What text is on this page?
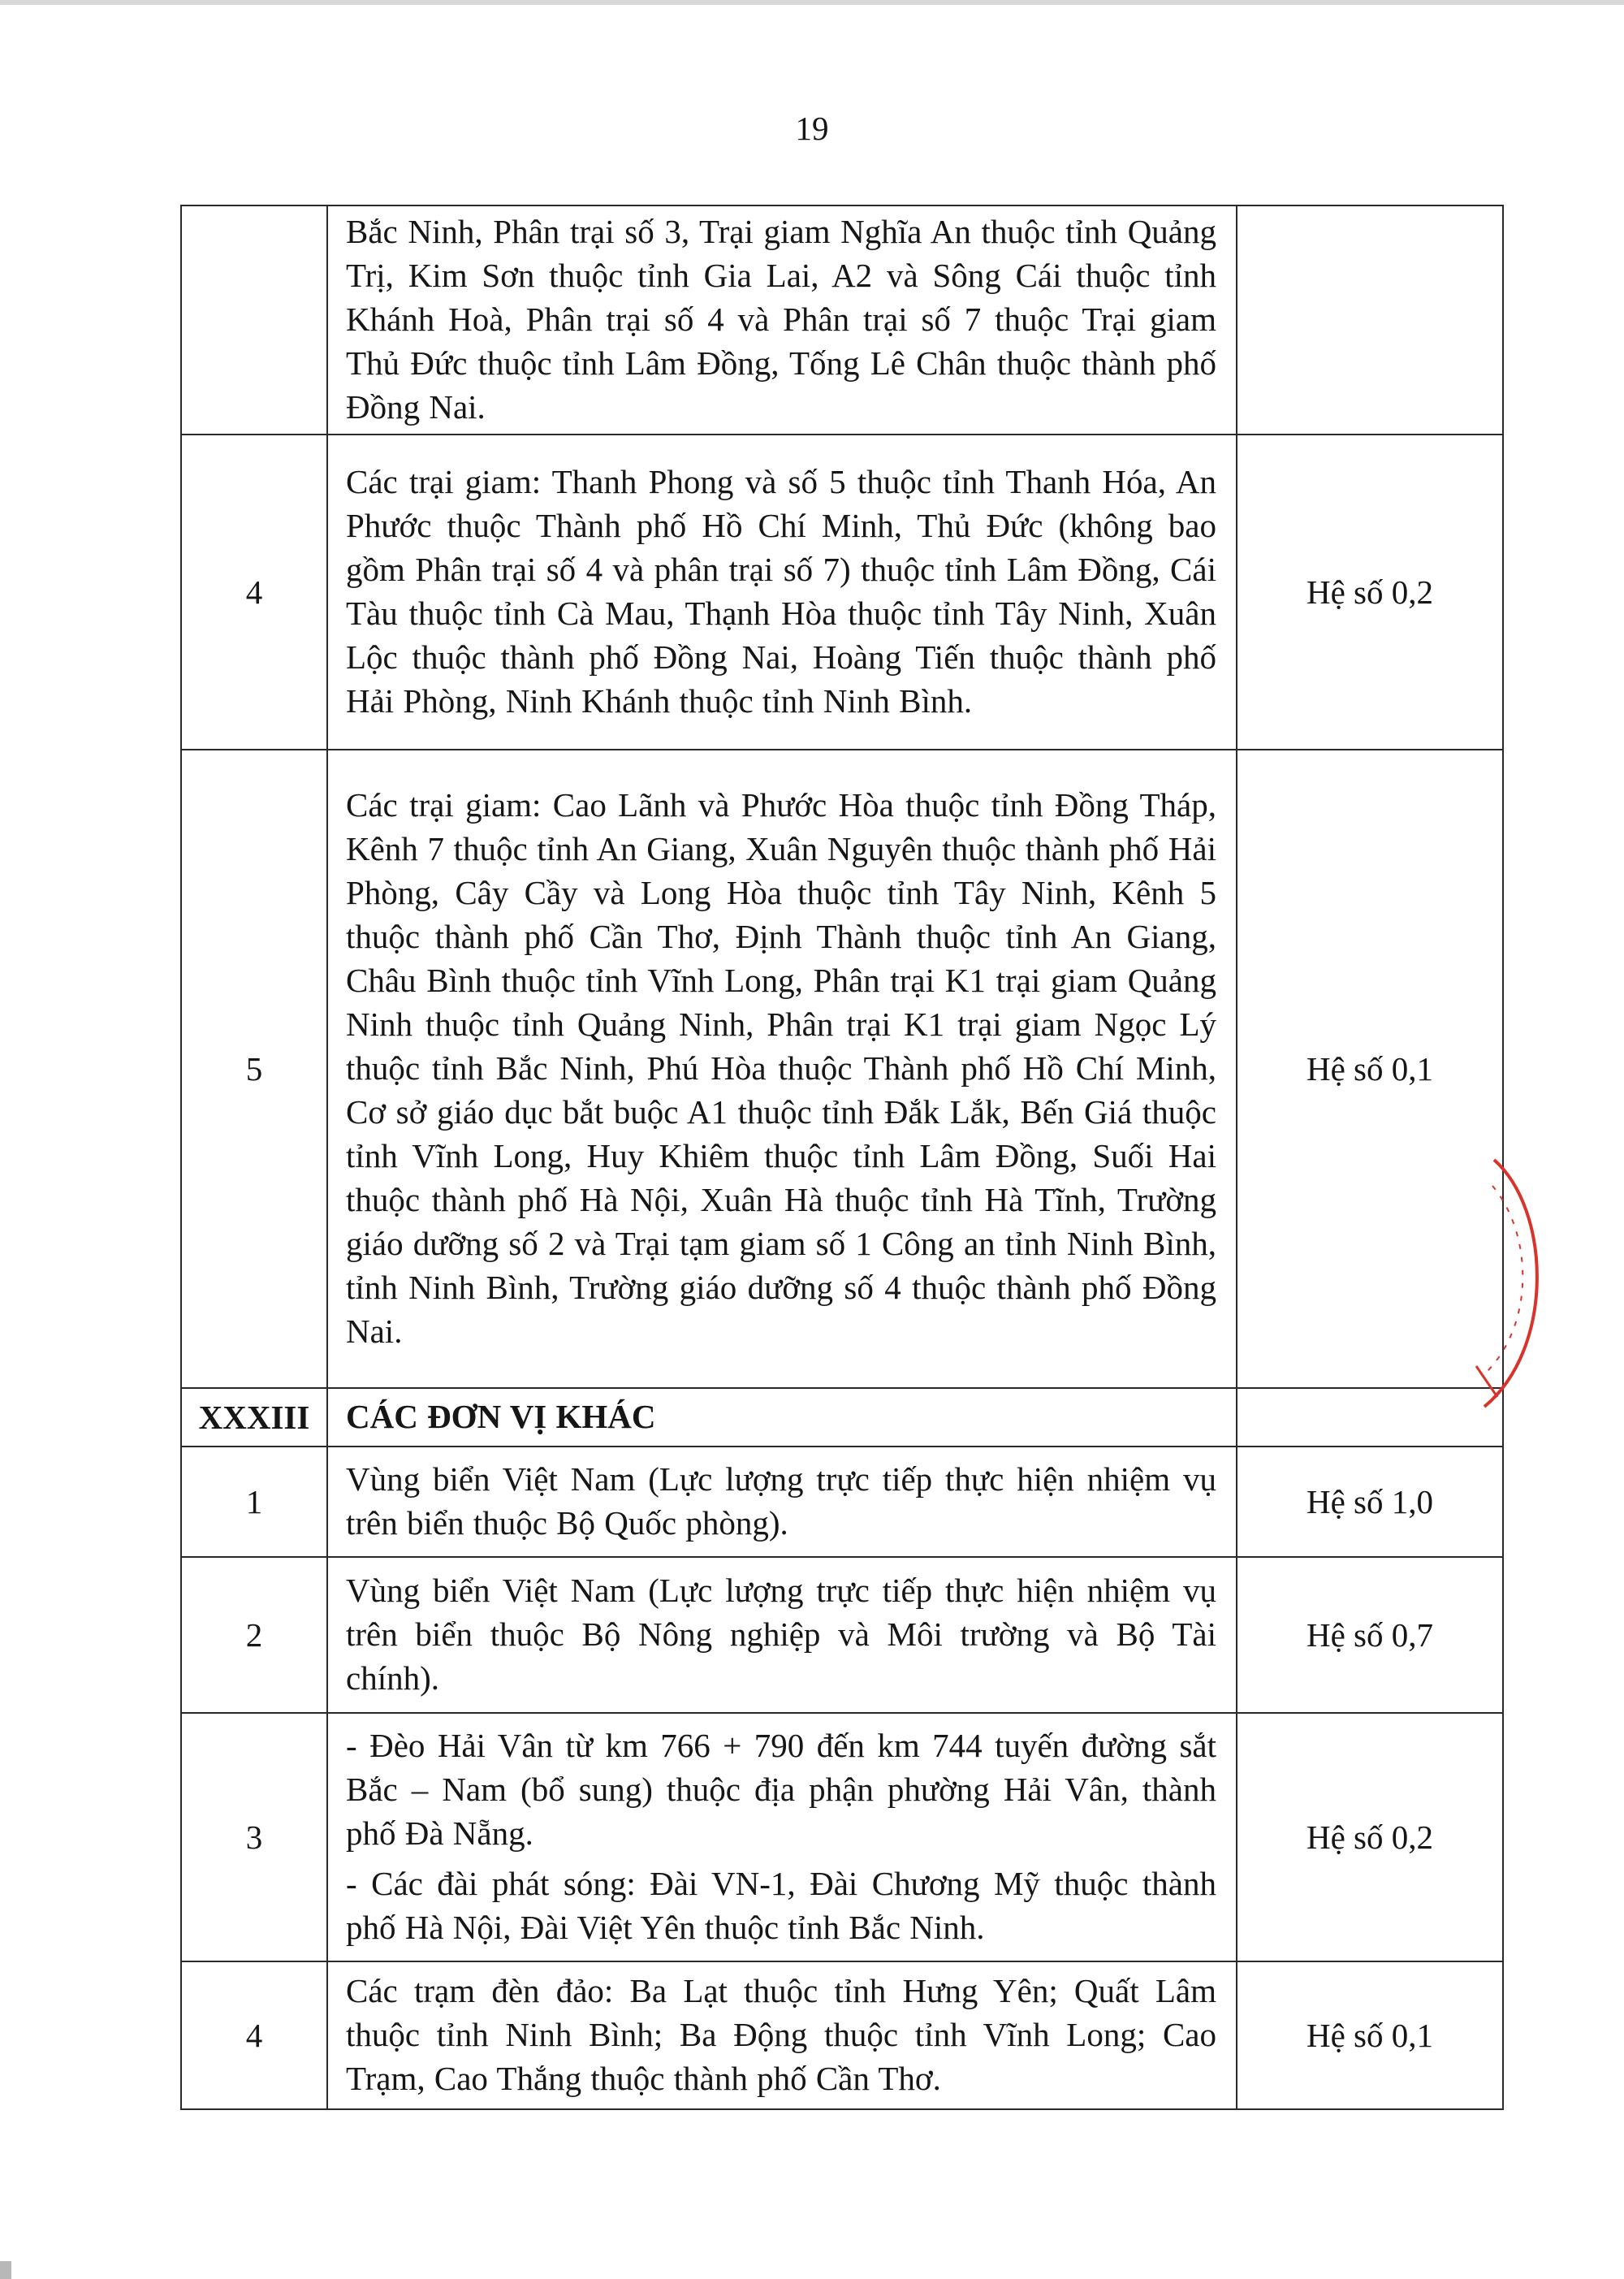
19

	Bắc Ninh, Phân trại số 3, Trại giam Nghĩa An thuộc tỉnh Quảng Trị, Kim Sơn thuộc tỉnh Gia Lai, A2 và Sông Cái thuộc tỉnh Khánh Hoà, Phân trại số 4 và Phân trại số 7 thuộc Trại giam Thủ Đức thuộc tỉnh Lâm Đồng, Tống Lê Chân thuộc thành phố Đồng Nai.	

4	Các trại giam: Thanh Phong và số 5 thuộc tỉnh Thanh Hóa, An Phước thuộc Thành phố Hồ Chí Minh, Thủ Đức (không bao gồm Phân trại số 4 và phân trại số 7) thuộc tỉnh Lâm Đồng, Cái Tàu thuộc tỉnh Cà Mau, Thạnh Hòa thuộc tỉnh Tây Ninh, Xuân Lộc thuộc thành phố Đồng Nai, Hoàng Tiến thuộc thành phố Hải Phòng, Ninh Khánh thuộc tỉnh Ninh Bình.	Hệ số 0,2
5	Các trại giam: Cao Lãnh và Phước Hòa thuộc tỉnh Đồng Tháp, Kênh 7 thuộc tỉnh An Giang, Xuân Nguyên thuộc thành phố Hải Phòng, Cây Cầy và Long Hòa thuộc tỉnh Tây Ninh, Kênh 5 thuộc thành phố Cần Thơ, Định Thành thuộc tỉnh An Giang, Châu Bình thuộc tỉnh Vĩnh Long, Phân trại K1 trại giam Quảng Ninh thuộc tỉnh Quảng Ninh, Phân trại K1 trại giam Ngọc Lý thuộc tỉnh Bắc Ninh, Phú Hòa thuộc Thành phố Hồ Chí Minh, Cơ sở giáo dục bắt buộc A1 thuộc tỉnh Đắk Lắk, Bến Giá thuộc tỉnh Vĩnh Long, Huy Khiêm thuộc tỉnh Lâm Đồng, Suối Hai thuộc thành phố Hà Nội, Xuân Hà thuộc tỉnh Hà Tĩnh, Trường giáo dưỡng số 2 và Trại tạm giam số 1 Công an tỉnh Ninh Bình, tỉnh Ninh Bình, Trường giáo dưỡng số 4 thuộc thành phố Đồng Nai.	Hệ số 0,1
XXXIII	CÁC ĐƠN VỊ KHÁC	
1	Vùng biển Việt Nam (Lực lượng trực tiếp thực hiện nhiệm vụ trên biển thuộc Bộ Quốc phòng).	Hệ số 1,0
2	Vùng biển Việt Nam (Lực lượng trực tiếp thực hiện nhiệm vụ trên biển thuộc Bộ Nông nghiệp và Môi trường và Bộ Tài chính).	Hệ số 0,7
3	- Đèo Hải Vân từ km 766 + 790 đến km 744 tuyến đường sắt Bắc – Nam (bổ sung) thuộc địa phận phường Hải Vân, thành phố Đà Nẵng.

- Các đài phát sóng: Đài VN-1, Đài Chương Mỹ thuộc thành phố Hà Nội, Đài Việt Yên thuộc tỉnh Bắc Ninh.	Hệ số 0,2
4	Các trạm đèn đảo: Ba Lạt thuộc tỉnh Hưng Yên; Quất Lâm thuộc tỉnh Ninh Bình; Ba Động thuộc tỉnh Vĩnh Long; Cao Trạm, Cao Thắng thuộc thành phố Cần Thơ.	Hệ số 0,1
